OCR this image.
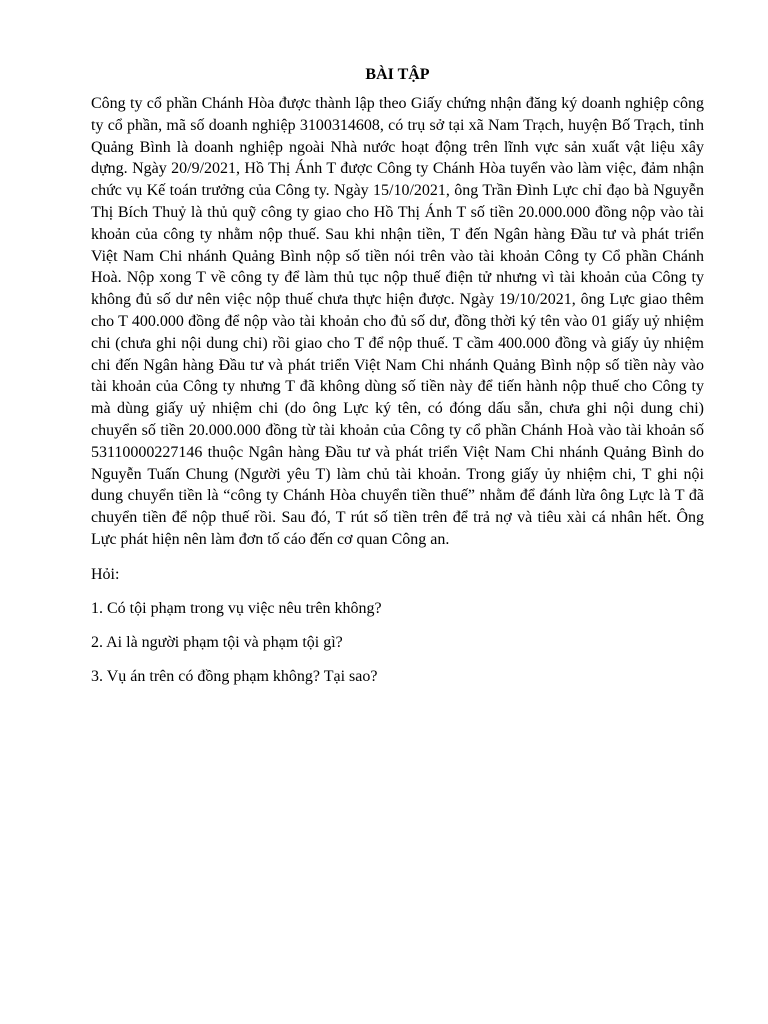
BÀI TẬP

Công ty cổ phần Chánh Hòa được thành lập theo Giấy chứng nhận đăng ký doanh nghiệp công ty cổ phần, mã số doanh nghiệp 3100314608, có trụ sở tại xã Nam Trạch, huyện Bố Trạch, tỉnh Quảng Bình là doanh nghiệp ngoài Nhà nước hoạt động trên lĩnh vực sản xuất vật liệu xây dựng. Ngày 20/9/2021, Hồ Thị Ánh T được Công ty Chánh Hòa tuyển vào làm việc, đảm nhận chức vụ Kế toán trưởng của Công ty. Ngày 15/10/2021, ông Trần Đình Lực chỉ đạo bà Nguyễn Thị Bích Thuỷ là thủ quỹ công ty giao cho Hồ Thị Ánh T số tiền 20.000.000 đồng nộp vào tài khoản của công ty nhằm nộp thuế. Sau khi nhận tiền, T đến Ngân hàng Đầu tư và phát triển Việt Nam Chi nhánh Quảng Bình nộp số tiền nói trên vào tài khoản Công ty Cổ phần Chánh Hoà. Nộp xong T về công ty để làm thủ tục nộp thuế điện tử nhưng vì tài khoản của Công ty không đủ số dư nên việc nộp thuế chưa thực hiện được. Ngày 19/10/2021, ông Lực giao thêm cho T 400.000 đồng để nộp vào tài khoản cho đủ số dư, đồng thời ký tên vào 01 giấy uỷ nhiệm chi (chưa ghi nội dung chi) rồi giao cho T để nộp thuế. T cầm 400.000 đồng và giấy ủy nhiệm chi đến Ngân hàng Đầu tư và phát triển Việt Nam Chi nhánh Quảng Bình nộp số tiền này vào tài khoản của Công ty nhưng T đã không dùng số tiền này để tiến hành nộp thuế cho Công ty mà dùng giấy uỷ nhiệm chi (do ông Lực ký tên, có đóng dấu sẵn, chưa ghi nội dung chi) chuyển số tiền 20.000.000 đồng từ tài khoản của Công ty cổ phần Chánh Hoà vào tài khoản số 53110000227146 thuộc Ngân hàng Đầu tư và phát triển Việt Nam Chi nhánh Quảng Bình do Nguyễn Tuấn Chung (Người yêu T) làm chủ tài khoản. Trong giấy ủy nhiệm chi, T ghi nội dung chuyển tiền là “công ty Chánh Hòa chuyển tiền thuế” nhằm để đánh lừa ông Lực là T đã chuyển tiền để nộp thuế rồi. Sau đó, T rút số tiền trên để trả nợ và tiêu xài cá nhân hết. Ông Lực phát hiện nên làm đơn tố cáo đến cơ quan Công an.

Hỏi:

1. Có tội phạm trong vụ việc nêu trên không?

2. Ai là người phạm tội và phạm tội gì?

3. Vụ án trên có đồng phạm không? Tại sao?
